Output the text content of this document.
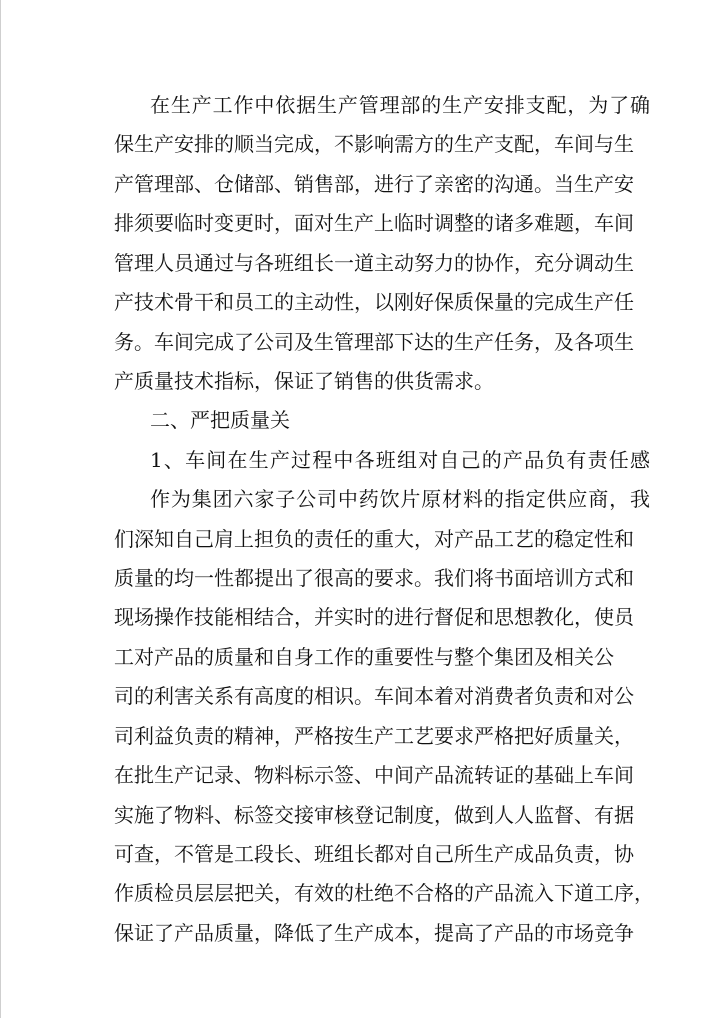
在生产工作中依据生产管理部的生产安排支配，为了确
保生产安排的顺当完成，不影响需方的生产支配，车间与生
产管理部、仓储部、销售部，进行了亲密的沟通。当生产安
排须要临时变更时，面对生产上临时调整的诸多难题，车间
管理人员通过与各班组长一道主动努力的协作，充分调动生
产技术骨干和员工的主动性，以刚好保质保量的完成生产任
务。车间完成了公司及生管理部下达的生产任务，及各项生
产质量技术指标，保证了销售的供货需求。
二、严把质量关
1、车间在生产过程中各班组对自己的产品负有责任感
作为集团六家子公司中药饮片原材料的指定供应商，我
们深知自己肩上担负的责任的重大，对产品工艺的稳定性和
质量的均一性都提出了很高的要求。我们将书面培训方式和
现场操作技能相结合，并实时的进行督促和思想教化，使员
工对产品的质量和自身工作的重要性与整个集团及相关公
司的利害关系有高度的相识。车间本着对消费者负责和对公
司利益负责的精神，严格按生产工艺要求严格把好质量关，
在批生产记录、物料标示签、中间产品流转证的基础上车间
实施了物料、标签交接审核登记制度，做到人人监督、有据
可查，不管是工段长、班组长都对自己所生产成品负责，协
作质检员层层把关，有效的杜绝不合格的产品流入下道工序，
保证了产品质量，降低了生产成本，提高了产品的市场竞争
